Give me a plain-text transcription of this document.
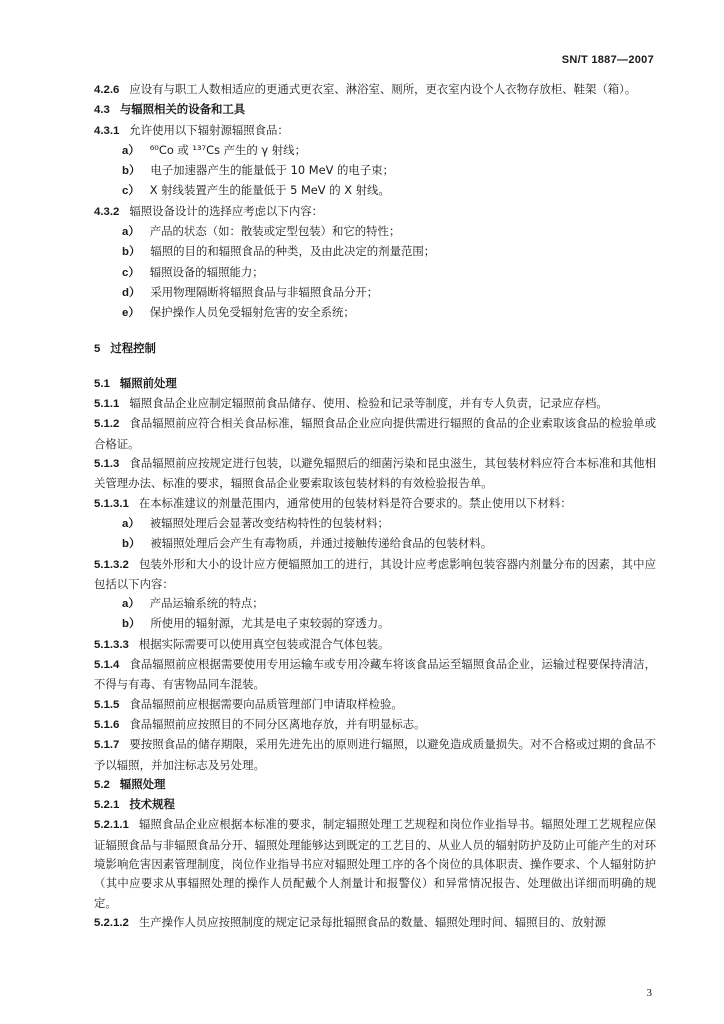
SN/T 1887—2007
4.2.6 应设有与职工人数相适应的更通式更衣室、淋浴室、厕所，更衣室内设个人衣物存放柜、鞋架（箱）。
4.3 与辐照相关的设备和工具
4.3.1 允许使用以下辐射源辐照食品：
a） ⁶⁰Co 或 ¹³⁷Cs 产生的 γ 射线；
b） 电子加速器产生的能量低于 10 MeV 的电子束；
c） X 射线装置产生的能量低于 5 MeV 的 X 射线。
4.3.2 辐照设备设计的选择应考虑以下内容：
a） 产品的状态（如：散装或定型包装）和它的特性；
b） 辐照的目的和辐照食品的种类，及由此决定的剂量范围；
c） 辐照设备的辐照能力；
d） 采用物理隔断将辐照食品与非辐照食品分开；
e） 保护操作人员免受辐射危害的安全系统；
5 过程控制
5.1 辐照前处理
5.1.1 辐照食品企业应制定辐照前食品储存、使用、检验和记录等制度，并有专人负责，记录应存档。
5.1.2 食品辐照前应符合相关食品标准，辐照食品企业应向提供需进行辐照的食品的企业索取该食品的检验单或合格证。
5.1.3 食品辐照前应按规定进行包装，以避免辐照后的细菌污染和昆虫滋生，其包装材料应符合本标准和其他相关管理办法、标准的要求，辐照食品企业要索取该包装材料的有效检验报告单。
5.1.3.1 在本标准建议的剂量范围内，通常使用的包装材料是符合要求的。禁止使用以下材料：
a） 被辐照处理后会显著改变结构特性的包装材料；
b） 被辐照处理后会产生有毒物质，并通过接触传递给食品的包装材料。
5.1.3.2 包装外形和大小的设计应方便辐照加工的进行，其设计应考虑影响包装容器内剂量分布的因素，其中应包括以下内容：
a） 产品运输系统的特点；
b） 所使用的辐射源，尤其是电子束较弱的穿透力。
5.1.3.3 根据实际需要可以使用真空包装或混合气体包装。
5.1.4 食品辐照前应根据需要使用专用运输车或专用冷藏车将该食品运至辐照食品企业，运输过程要保持清洁，不得与有毒、有害物品同车混装。
5.1.5 食品辐照前应根据需要向品质管理部门申请取样检验。
5.1.6 食品辐照前应按照目的不同分区离地存放，并有明显标志。
5.1.7 要按照食品的储存期限，采用先进先出的原则进行辐照，以避免造成质量损失。对不合格或过期的食品不予以辐照，并加注标志及另处理。
5.2 辐照处理
5.2.1 技术规程
5.2.1.1 辐照食品企业应根据本标准的要求，制定辐照处理工艺规程和岗位作业指导书。辐照处理工艺规程应保证辐照食品与非辐照食品分开、辐照处理能够达到既定的工艺目的、从业人员的辐射防护及防止可能产生的对环境影响危害因素管理制度，岗位作业指导书应对辐照处理工序的各个岗位的具体职责、操作要求、个人辐射防护（其中应要求从事辐照处理的操作人员配戴个人剂量计和报警仪）和异常情况报告、处理做出详细而明确的规定。
5.2.1.2 生产操作人员应按照制度的规定记录每批辐照食品的数量、辐照处理时间、辐照目的、放射源
3
